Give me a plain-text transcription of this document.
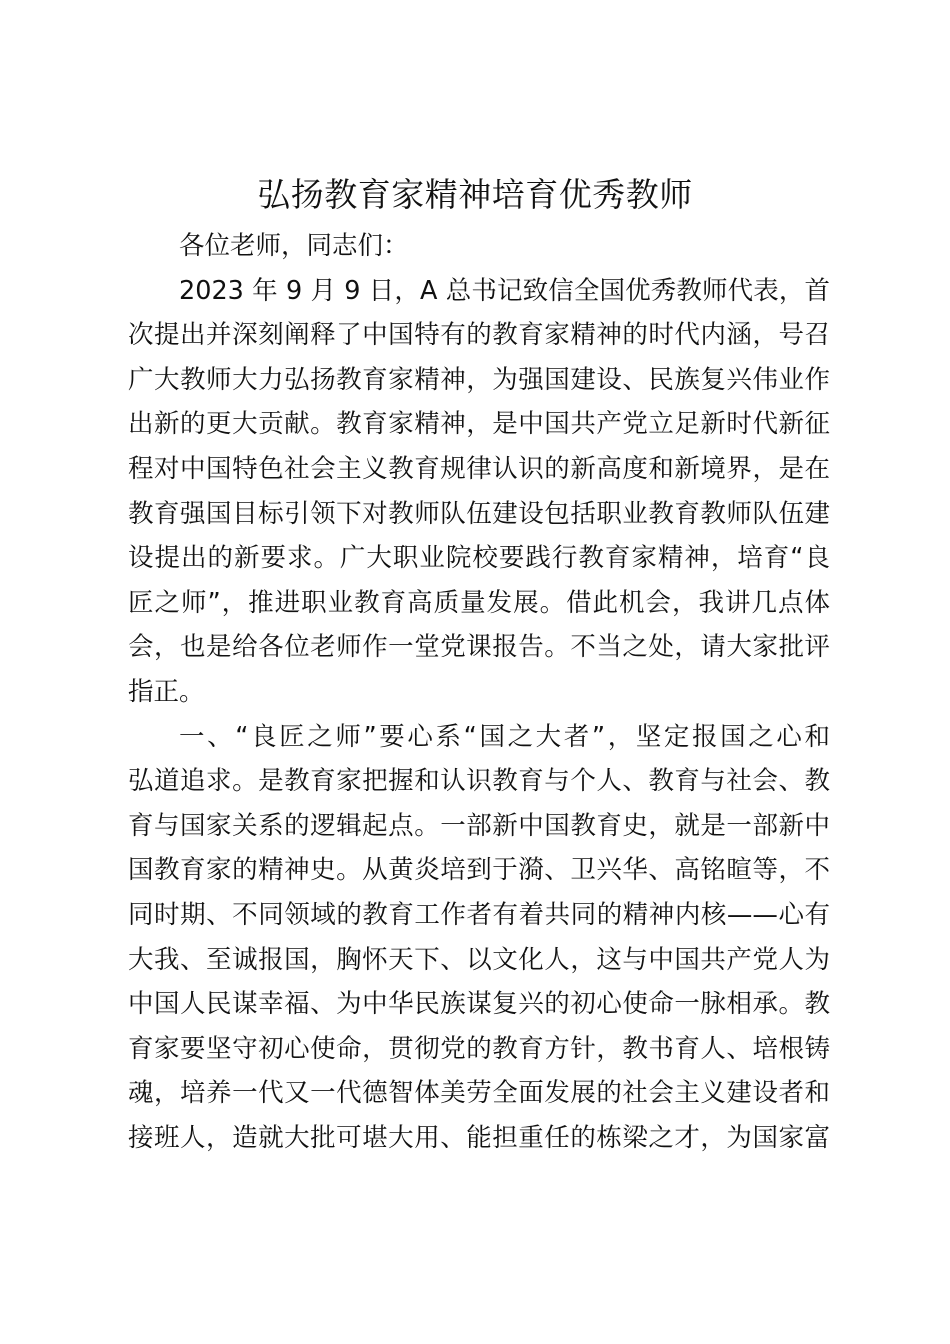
弘扬教育家精神培育优秀教师

各位老师，同志们：

2023 年 9 月 9 日，A 总书记致信全国优秀教师代表，首

次提出并深刻阐释了中国特有的教育家精神的时代内涵，号召

广大教师大力弘扬教育家精神，为强国建设、民族复兴伟业作

出新的更大贡献。教育家精神，是中国共产党立足新时代新征

程对中国特色社会主义教育规律认识的新高度和新境界，是在

教育强国目标引领下对教师队伍建设包括职业教育教师队伍建

设提出的新要求。广大职业院校要践行教育家精神，培育“良

匠之师”，推进职业教育高质量发展。借此机会，我讲几点体

会，也是给各位老师作一堂党课报告。不当之处，请大家批评

指正。

一、“良匠之师”要心系“国之大者”，坚定报国之心和

弘道追求。是教育家把握和认识教育与个人、教育与社会、教

育与国家关系的逻辑起点。一部新中国教育史，就是一部新中

国教育家的精神史。从黄炎培到于漪、卫兴华、高铭暄等，不

同时期、不同领域的教育工作者有着共同的精神内核——心有

大我、至诚报国，胸怀天下、以文化人，这与中国共产党人为

中国人民谋幸福、为中华民族谋复兴的初心使命一脉相承。教

育家要坚守初心使命，贯彻党的教育方针，教书育人、培根铸

魂，培养一代又一代德智体美劳全面发展的社会主义建设者和

接班人，造就大批可堪大用、能担重任的栋梁之才，为国家富
